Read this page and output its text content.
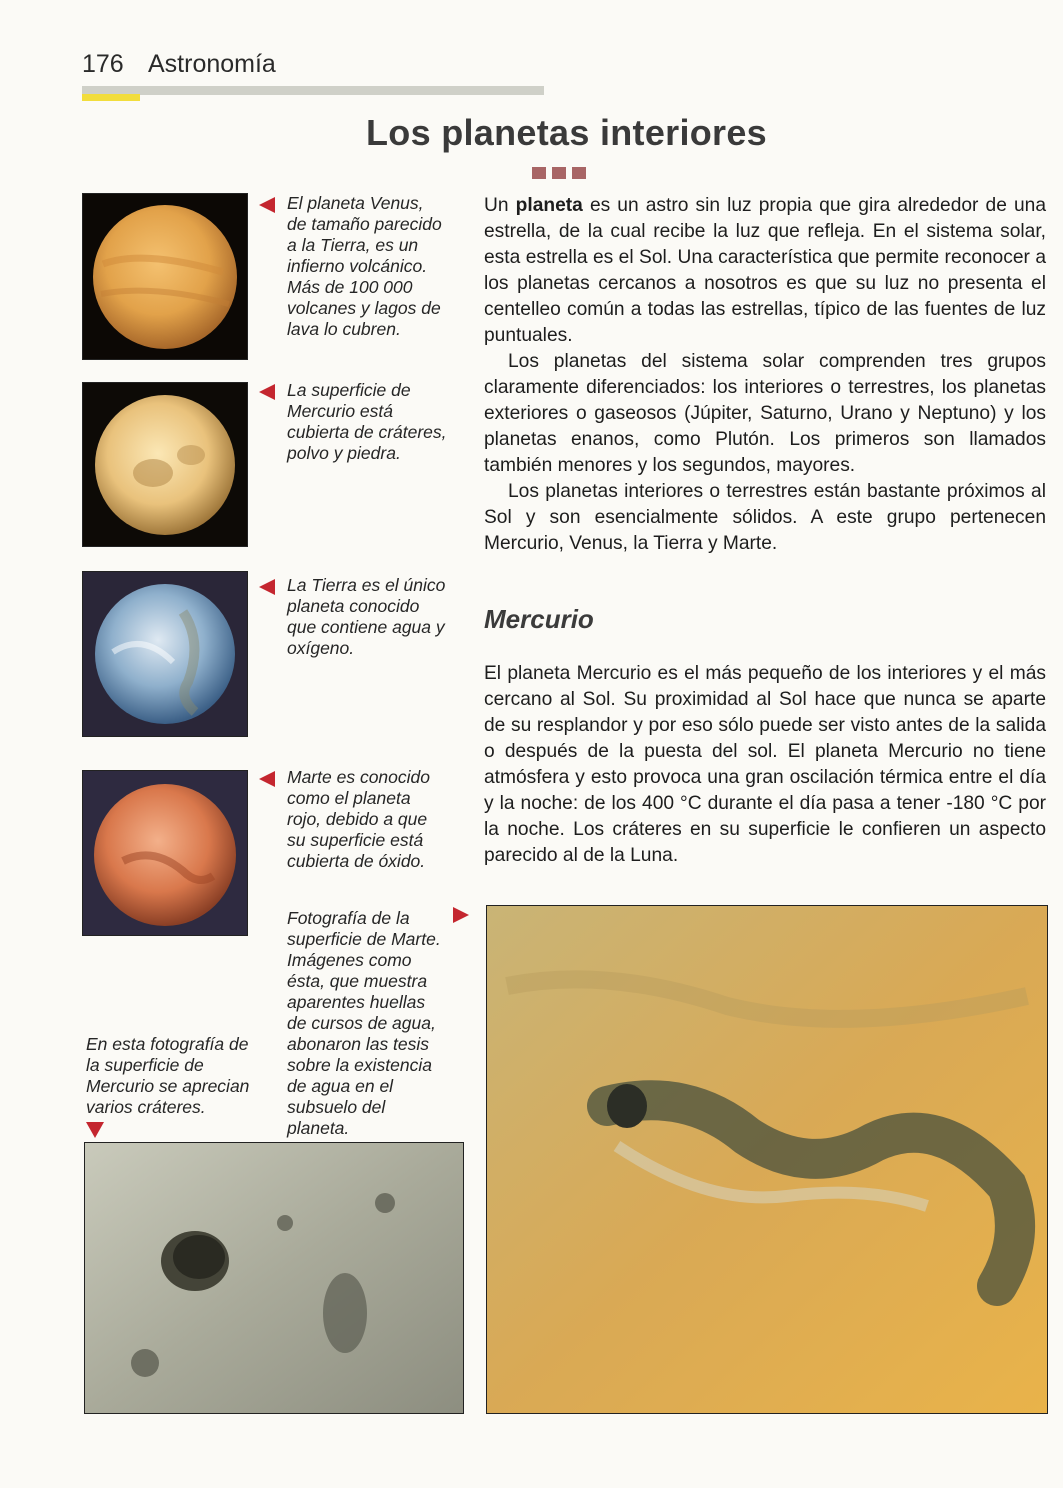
176 Astronomía
Los planetas interiores
El planeta Venus, de tamaño parecido a la Tierra, es un infierno volcánico. Más de 100 000 volcanes y lagos de lava lo cubren.
La superficie de Mercurio está cubierta de cráteres, polvo y piedra.
La Tierra es el único planeta conocido que contiene agua y oxígeno.
Marte es conocido como el planeta rojo, debido a que su superficie está cubierta de óxido.
Fotografía de la superficie de Marte. Imágenes como ésta, que muestra aparentes huellas de cursos de agua, abonaron las tesis sobre la existencia de agua en el subsuelo del planeta.
En esta fotografía de la superficie de Mercurio se aprecian varios cráteres.

Un planeta es un astro sin luz propia que gira alrededor de una estrella, de la cual recibe la luz que refleja. En el sistema solar, esta estrella es el Sol. Una característica que permite reconocer a los planetas cercanos a nosotros es que su luz no presenta el centelleo común a todas las estrellas, típico de las fuentes de luz puntuales.

Los planetas del sistema solar comprenden tres grupos claramente diferenciados: los interiores o terrestres, los planetas exteriores o gaseosos (Júpiter, Saturno, Urano y Neptuno) y los planetas enanos, como Plutón. Los primeros son llamados también menores y los segundos, mayores.

Los planetas interiores o terrestres están bastante próximos al Sol y son esencialmente sólidos. A este grupo pertenecen Mercurio, Venus, la Tierra y Marte.

Mercurio

El planeta Mercurio es el más pequeño de los interiores y el más cercano al Sol. Su proximidad al Sol hace que nunca se aparte de su resplandor y por eso sólo puede ser visto antes de la salida o después de la puesta del sol. El planeta Mercurio no tiene atmósfera y esto provoca una gran oscilación térmica entre el día y la noche: de los 400 °C durante el día pasa a tener -180 °C por la noche. Los cráteres en su superficie le confieren un aspecto parecido al de la Luna.
